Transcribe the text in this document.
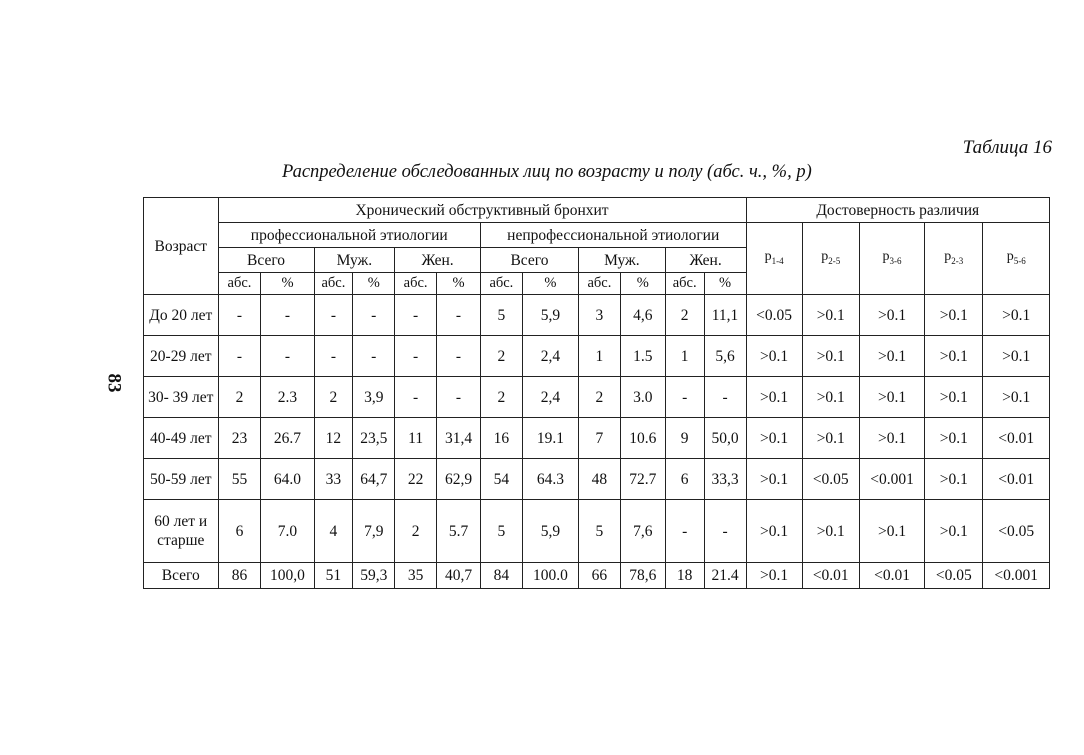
Таблица 16
Распределение обследованных лиц по возрасту и полу (абс. ч., %, р)
83
Возраст	Хронический обструктивный бронхит												Достоверность различия				
	профессиональной этиологии						непрофессиональной этиологии						$p_{1-4}$	$p_{2-5}$	$p_{3-6}$	$p_{2-3}$	$p_{5-6}$
	Всего		Муж.		Жен.		Всего		Муж.		Жен.						
	абс.	%	абс.	%	абс.	%	абс.	%	абс.	%	абс.	%					
До 20 лет	-	-	-	-	-	-	5	5,9	3	4,6	2	11,1	<0.05	>0.1	>0.1	>0.1	>0.1
20-29 лет	-	-	-	-	-	-	2	2,4	1	1.5	1	5,6	>0.1	>0.1	>0.1	>0.1	>0.1
30- 39 лет	2	2.3	2	3,9	-	-	2	2,4	2	3.0	-	-	>0.1	>0.1	>0.1	>0.1	>0.1
40-49 лет	23	26.7	12	23,5	11	31,4	16	19.1	7	10.6	9	50,0	>0.1	>0.1	>0.1	>0.1	<0.01
50-59 лет	55	64.0	33	64,7	22	62,9	54	64.3	48	72.7	6	33,3	>0.1	<0.05	<0.001	>0.1	<0.01
60 лет и старше	6	7.0	4	7,9	2	5.7	5	5,9	5	7,6	-	-	>0.1	>0.1	>0.1	>0.1	<0.05
Всего	86	100,0	51	59,3	35	40,7	84	100.0	66	78,6	18	21.4	>0.1	<0.01	<0.01	<0.05	<0.001
